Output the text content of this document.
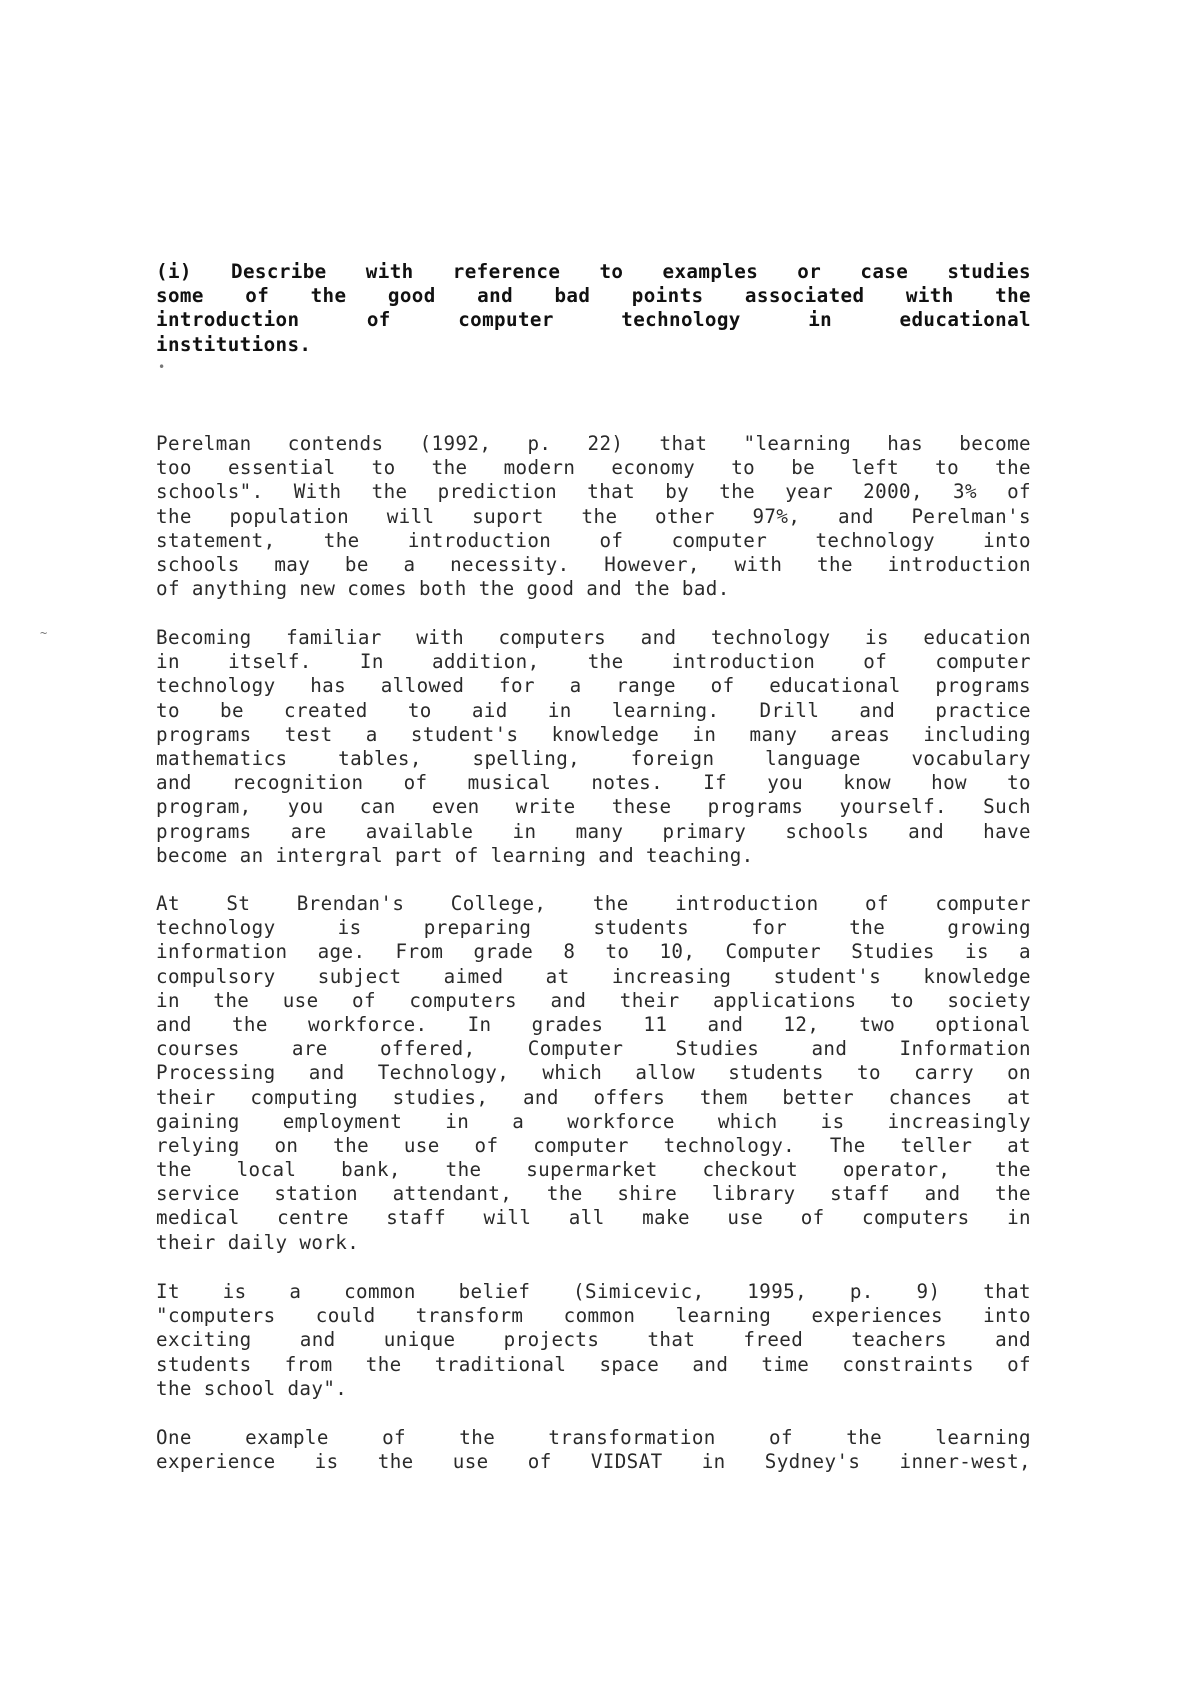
(i) Describe with reference to examples or case studies
some of the good and bad points associated with the
introduction of computer technology in educational
institutions.
•
Perelman contends (1992, p. 22) that "learning has become
too essential to the modern economy to be left to the
schools". With the prediction that by the year 2000, 3% of
the population will suport the other 97%, and Perelman's
statement, the introduction of computer technology into
schools may be a necessity. However, with the introduction
of anything new comes both the good and the bad.
~	Becoming familiar with computers and technology is education
in itself. In addition, the introduction of computer
technology has allowed for a range of educational programs
to be created to aid in learning. Drill and practice
programs test a student's knowledge in many areas including
mathematics tables, spelling, foreign language vocabulary
and recognition of musical notes. If you know how to
program, you can even write these programs yourself. Such
programs are available in many primary schools and have
become an intergral part of learning and teaching.
At St Brendan's College, the introduction of computer
technology is preparing students for the growing
information age. From grade 8 to 10, Computer Studies is a
compulsory subject aimed at increasing student's knowledge
in the use of computers and their applications to society
and the workforce. In grades 11 and 12, two optional
courses are offered, Computer Studies and Information
Processing and Technology, which allow students to carry on
their computing studies, and offers them better chances at
gaining employment in a workforce which is increasingly
relying on the use of computer technology. The teller at
the local bank, the supermarket checkout operator, the
service station attendant, the shire library staff and the
medical centre staff will all make use of computers in
their daily work.
It is a common belief (Simicevic, 1995, p. 9) that
"computers could transform common learning experiences into
exciting and unique projects that freed teachers and
students from the traditional space and time constraints of
the school day".
One example of the transformation of the learning
experience is the use of VIDSAT in Sydney's inner-west,
